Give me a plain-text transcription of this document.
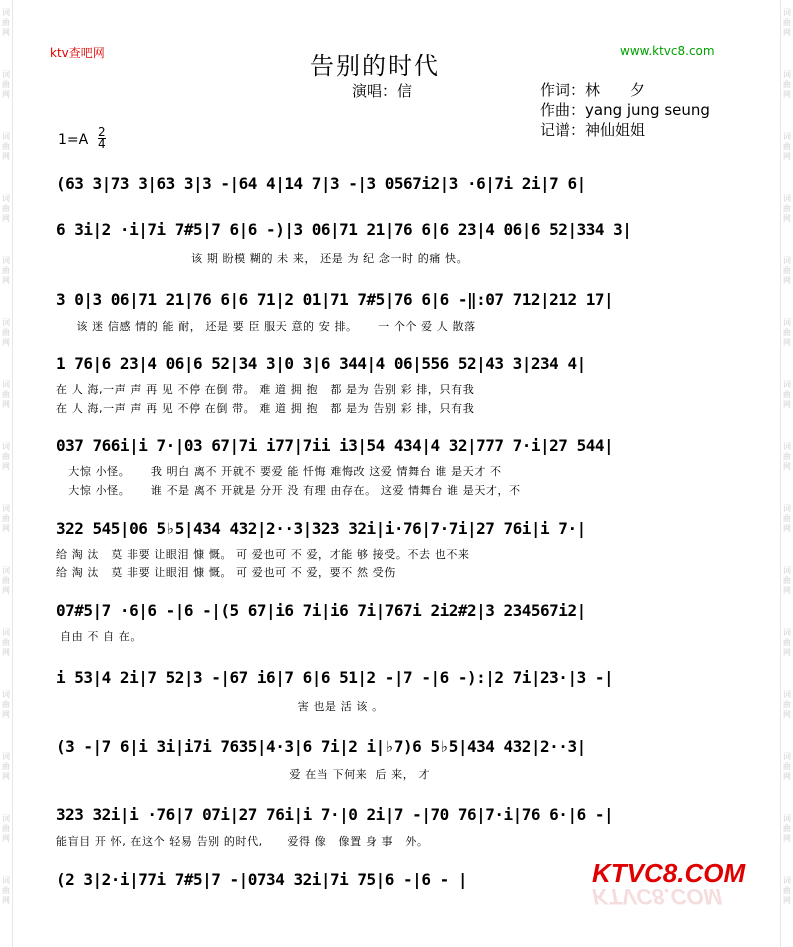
词
曲
网
词
曲
网
词
曲
网
词
曲
网
词
曲
网
词
曲
网
词
曲
网
词
曲
网
词
曲
网
词
曲
网
词
曲
网
词
曲
网
词
曲
网
词
曲
网
词
曲
网
词
曲
网
词
曲
网
词
曲
网
词
曲
网
词
曲
网
词
曲
网
词
曲
网
词
曲
网
词
曲
网
词
曲
网
词
曲
网
词
曲
网
词
曲
网
词
曲
网
词
曲
网
ktv查吧网	www.ktvc8.com
告别的时代
演唱：信	作词：林　　夕
作曲：yang jung seung
记谱：神仙姐姐
1=A 2
4
(63 3|73 3|63 3|3 -|64 4|14 7|3 -|3 0567i2|3 ·6|7i 2i|7 6|
6 3i|2 ·i|7i 7#5|7 6|6 -)|3 06|71 21|76 6|6 23|4 06|6 52|334 3|
该 期 盼模 糊的 未 来， 还是 为 纪 念一时 的痛 快。
3 0|3 06|71 21|76 6|6 71|2 01|71 7#5|76 6|6 -‖:07 712|212 17|
该 迷 信感 情的 能 耐， 还是 要 臣 服天 意的 安 排。     一 个个 爱 人 散落
1 76|6 23|4 06|6 52|34 3|0 3|6 344|4 06|556 52|43 3|234 4|
在 人 海,一声 声 再 见 不停 在倒 带。 难 道 拥 抱   都 是为 告别 彩 排，只有我
在 人 海,一声 声 再 见 不停 在倒 带。 难 道 拥 抱   都 是为 告别 彩 排，只有我
037 766i|i 7·|03 67|7i i77|7ii i3|54 434|4 32|777 7·i|27 544|
大惊 小怪。     我 明白 离不 开就不 要爱 能 忏悔 难悔改 这爱 情舞台 谁 是天才 不
大惊 小怪。     谁 不是 离不 开就是 分开 没 有理 由存在。 这爱 情舞台 谁 是天才，不
322 545|06 5♭5|434 432|2··3|323 32i|i·76|7·7i|27 76i|i 7·|
给 淘 汰   莫 非要 让眼泪 慷 慨。 可 爱也可 不 爱，才能 够 接受。不去 也不来
给 淘 汰   莫 非要 让眼泪 慷 慨。 可 爱也可 不 爱，要不 然 受伤
07#5|7 ·6|6 -|6 -|(5 67|i6 7i|i6 7i|767i 2i2#2|3 234567i2|
自由 不 自 在。
i 53|4 2i|7 52|3 -|67 i6|7 6|6 51|2 -|7 -|6 -):|2 7i|23·|3 -|
害 也是 活 该 。
(3 -|7 6|i 3i|i7i 7635|4·3|6 7i|2 i|♭7)6 5♭5|434 432|2··3|
爱 在当 下何来  后 来， 才
323 32i|i ·76|7 07i|27 76i|i 7·|0 2i|7 -|70 76|7·i|76 6·|6 -|
能盲目 开 怀, 在这个 轻易 告别 的时代,      爱得 像   像置 身 事   外。
(2 3|2·i|77i 7#5|7 -|0734 32i|7i 75|6 -|6 - |	KTVC8.COM
KTVC8.COM
